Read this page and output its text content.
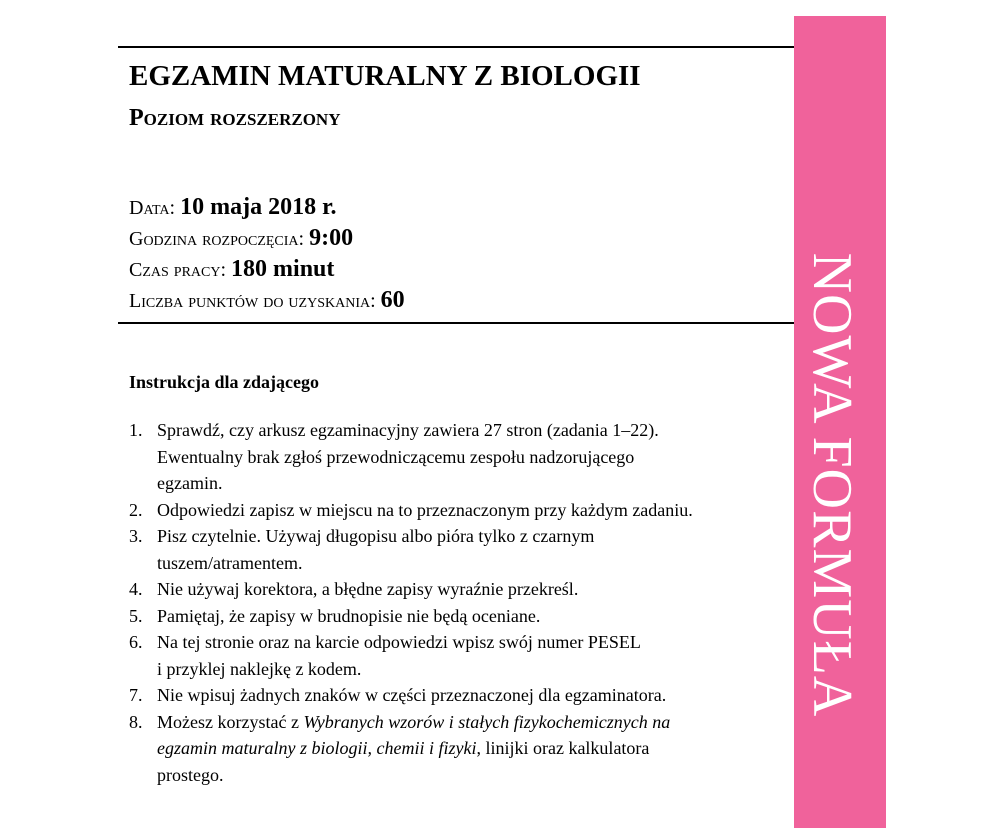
EGZAMIN MATURALNY Z BIOLOGII
Poziom rozszerzony
Data: 10 maja 2018 r.
Godzina rozpoczęcia: 9:00
Czas pracy: 180 minut
Liczba punktów do uzyskania: 60
Instrukcja dla zdającego
1. Sprawdź, czy arkusz egzaminacyjny zawiera 27 stron (zadania 1–22).
Ewentualny brak zgłoś przewodniczącemu zespołu nadzorującego
egzamin.
2. Odpowiedzi zapisz w miejscu na to przeznaczonym przy każdym zadaniu.
3. Pisz czytelnie. Używaj długopisu albo pióra tylko z czarnym
tuszem/atramentem.
4. Nie używaj korektora, a błędne zapisy wyraźnie przekreśl.
5. Pamiętaj, że zapisy w brudnopisie nie będą oceniane.
6. Na tej stronie oraz na karcie odpowiedzi wpisz swój numer PESEL
i przyklej naklejkę z kodem.
7. Nie wpisuj żadnych znaków w części przeznaczonej dla egzaminatora.
8. Możesz korzystać z Wybranych wzorów i stałych fizykochemicznych na
egzamin maturalny z biologii, chemii i fizyki, linijki oraz kalkulatora
prostego.
NOWA FORMUŁA
